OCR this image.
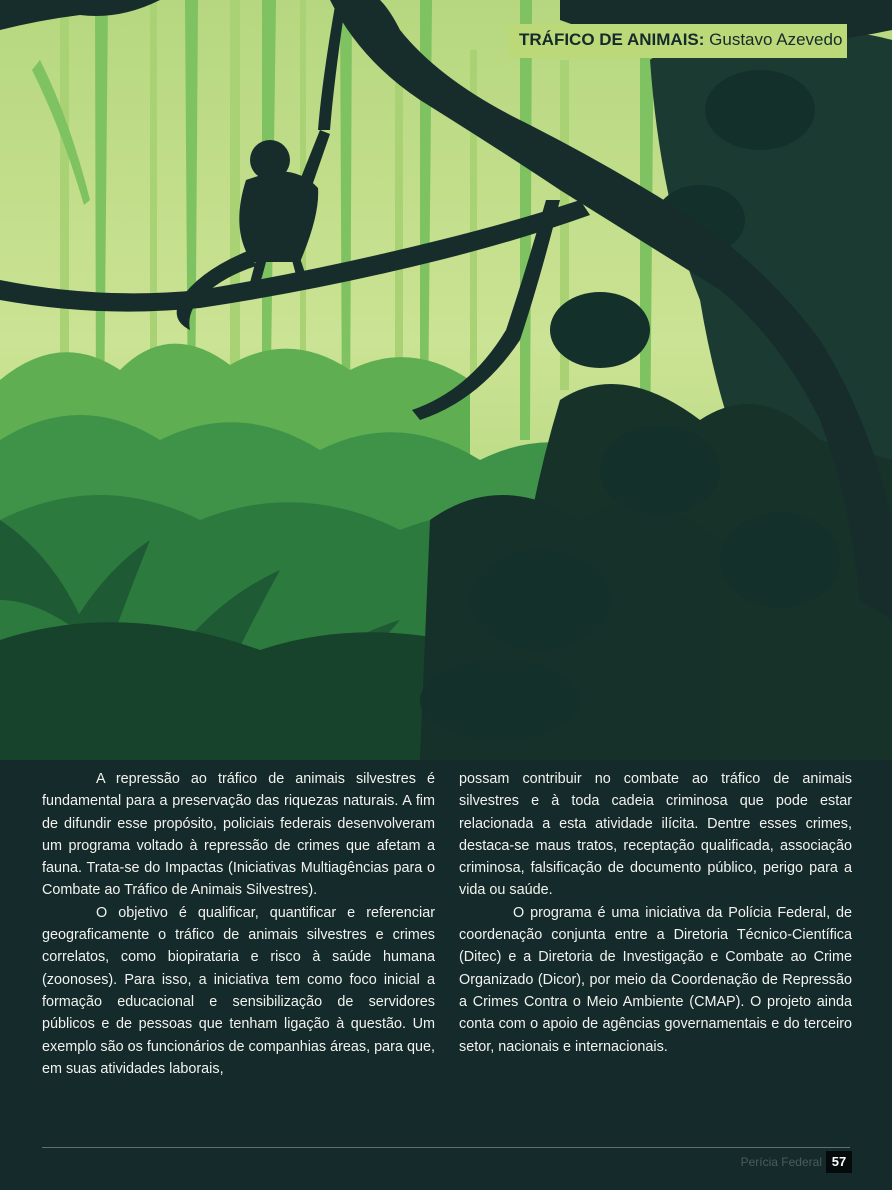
TRÁFICO DE ANIMAIS: Gustavo Azevedo

A repressão ao tráfico de animais silvestres é fundamental para a preservação das riquezas naturais. A fim de difundir esse propósito, policiais federais desenvolveram um programa voltado à repressão de crimes que afetam a fauna. Trata-se do Impactas (Iniciativas Multiagências para o Combate ao Tráfico de Animais Silvestres).

O objetivo é qualificar, quantificar e referenciar geograficamente o tráfico de animais silvestres e crimes correlatos, como biopirataria e risco à saúde humana (zoonoses). Para isso, a iniciativa tem como foco inicial a formação educacional e sensibilização de servidores públicos e de pessoas que tenham ligação à questão. Um exemplo são os funcionários de companhias áreas, para que, em suas atividades laborais,

possam contribuir no combate ao tráfico de animais silvestres e à toda cadeia criminosa que pode estar relacionada a esta atividade ilícita. Dentre esses crimes, destaca-se maus tratos, receptação qualificada, associação criminosa, falsificação de documento público, perigo para a vida ou saúde.

O programa é uma iniciativa da Polícia Federal, de coordenação conjunta entre a Diretoria Técnico-Científica (Ditec) e a Diretoria de Investigação e Combate ao Crime Organizado (Dicor), por meio da Coordenação de Repressão a Crimes Contra o Meio Ambiente (CMAP). O projeto ainda conta com o apoio de agências governamentais e do terceiro setor, nacionais e internacionais.

Perícia Federal 57
